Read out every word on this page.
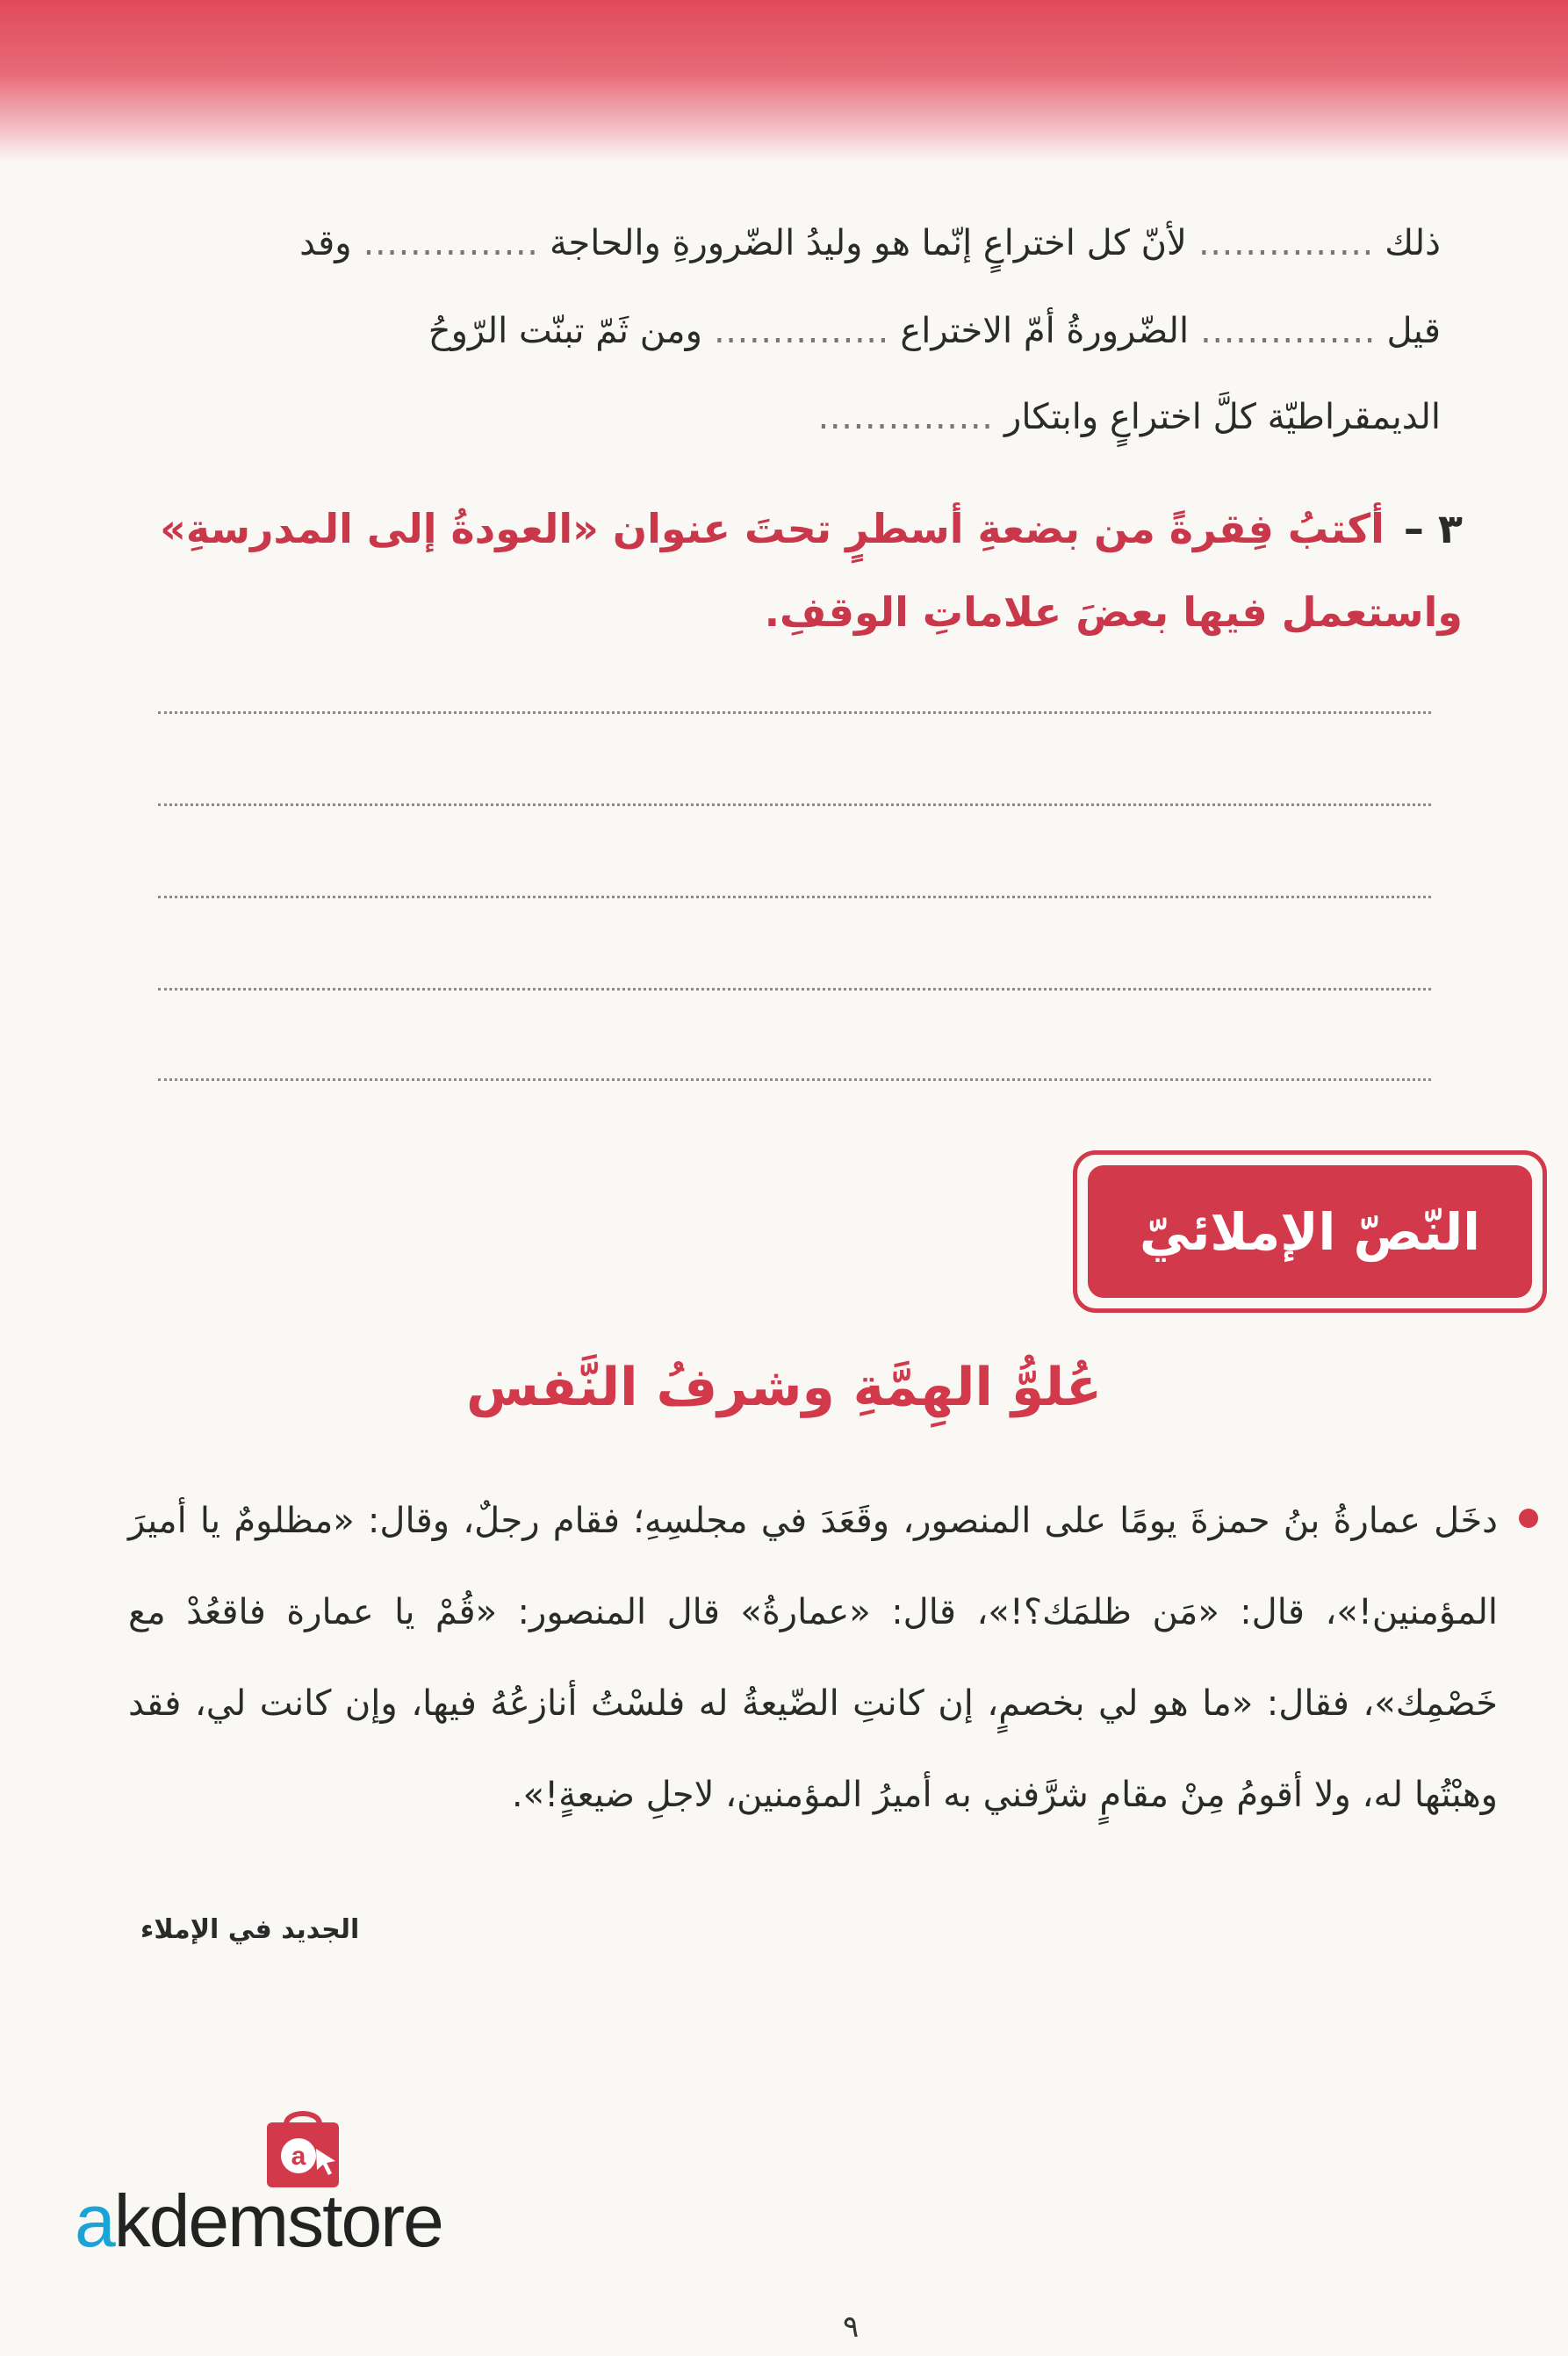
ذلك …………… لأنّ كل اختراعٍ إنّما هو وليدُ الضّرورةِ والحاجة …………… وقد
قيل …………… الضّرورةُ أمّ الاختراع …………… ومن ثَمّ تبنّت الرّوحُ
الديمقراطيّة كلَّ اختراعٍ وابتكار ……………
٣ –أكتبُ فِقرةً من بضعةِ أسطرٍ تحتَ عنوان «العودةُ إلى المدرسةِ» واستعمل فيها بعضَ علاماتِ الوقفِ.
النّصّ الإملائيّ
عُلوُّ الهِمَّةِ وشرفُ النَّفس
دخَل عمارةُ بنُ حمزةَ يومًا على المنصور، وقَعَدَ في مجلسِهِ؛ فقام رجلٌ، وقال: «مظلومٌ يا أميرَ المؤمنين!»، قال: «مَن ظلمَك؟!»، قال: «عمارةُ» قال المنصور: «قُمْ يا عمارة فاقعُدْ مع خَصْمِك»، فقال: «ما هو لي بخصمٍ، إن كانتِ الضّيعةُ له فلسْتُ أنازعُهُ فيها، وإن كانت لي، فقد وهبْتُها له، ولا أقومُ مِنْ مقامٍ شرَّفني به أميرُ المؤمنين، لاجلِ ضيعةٍ!».
الجديد في الإملاء
a
akdemstore
٩
